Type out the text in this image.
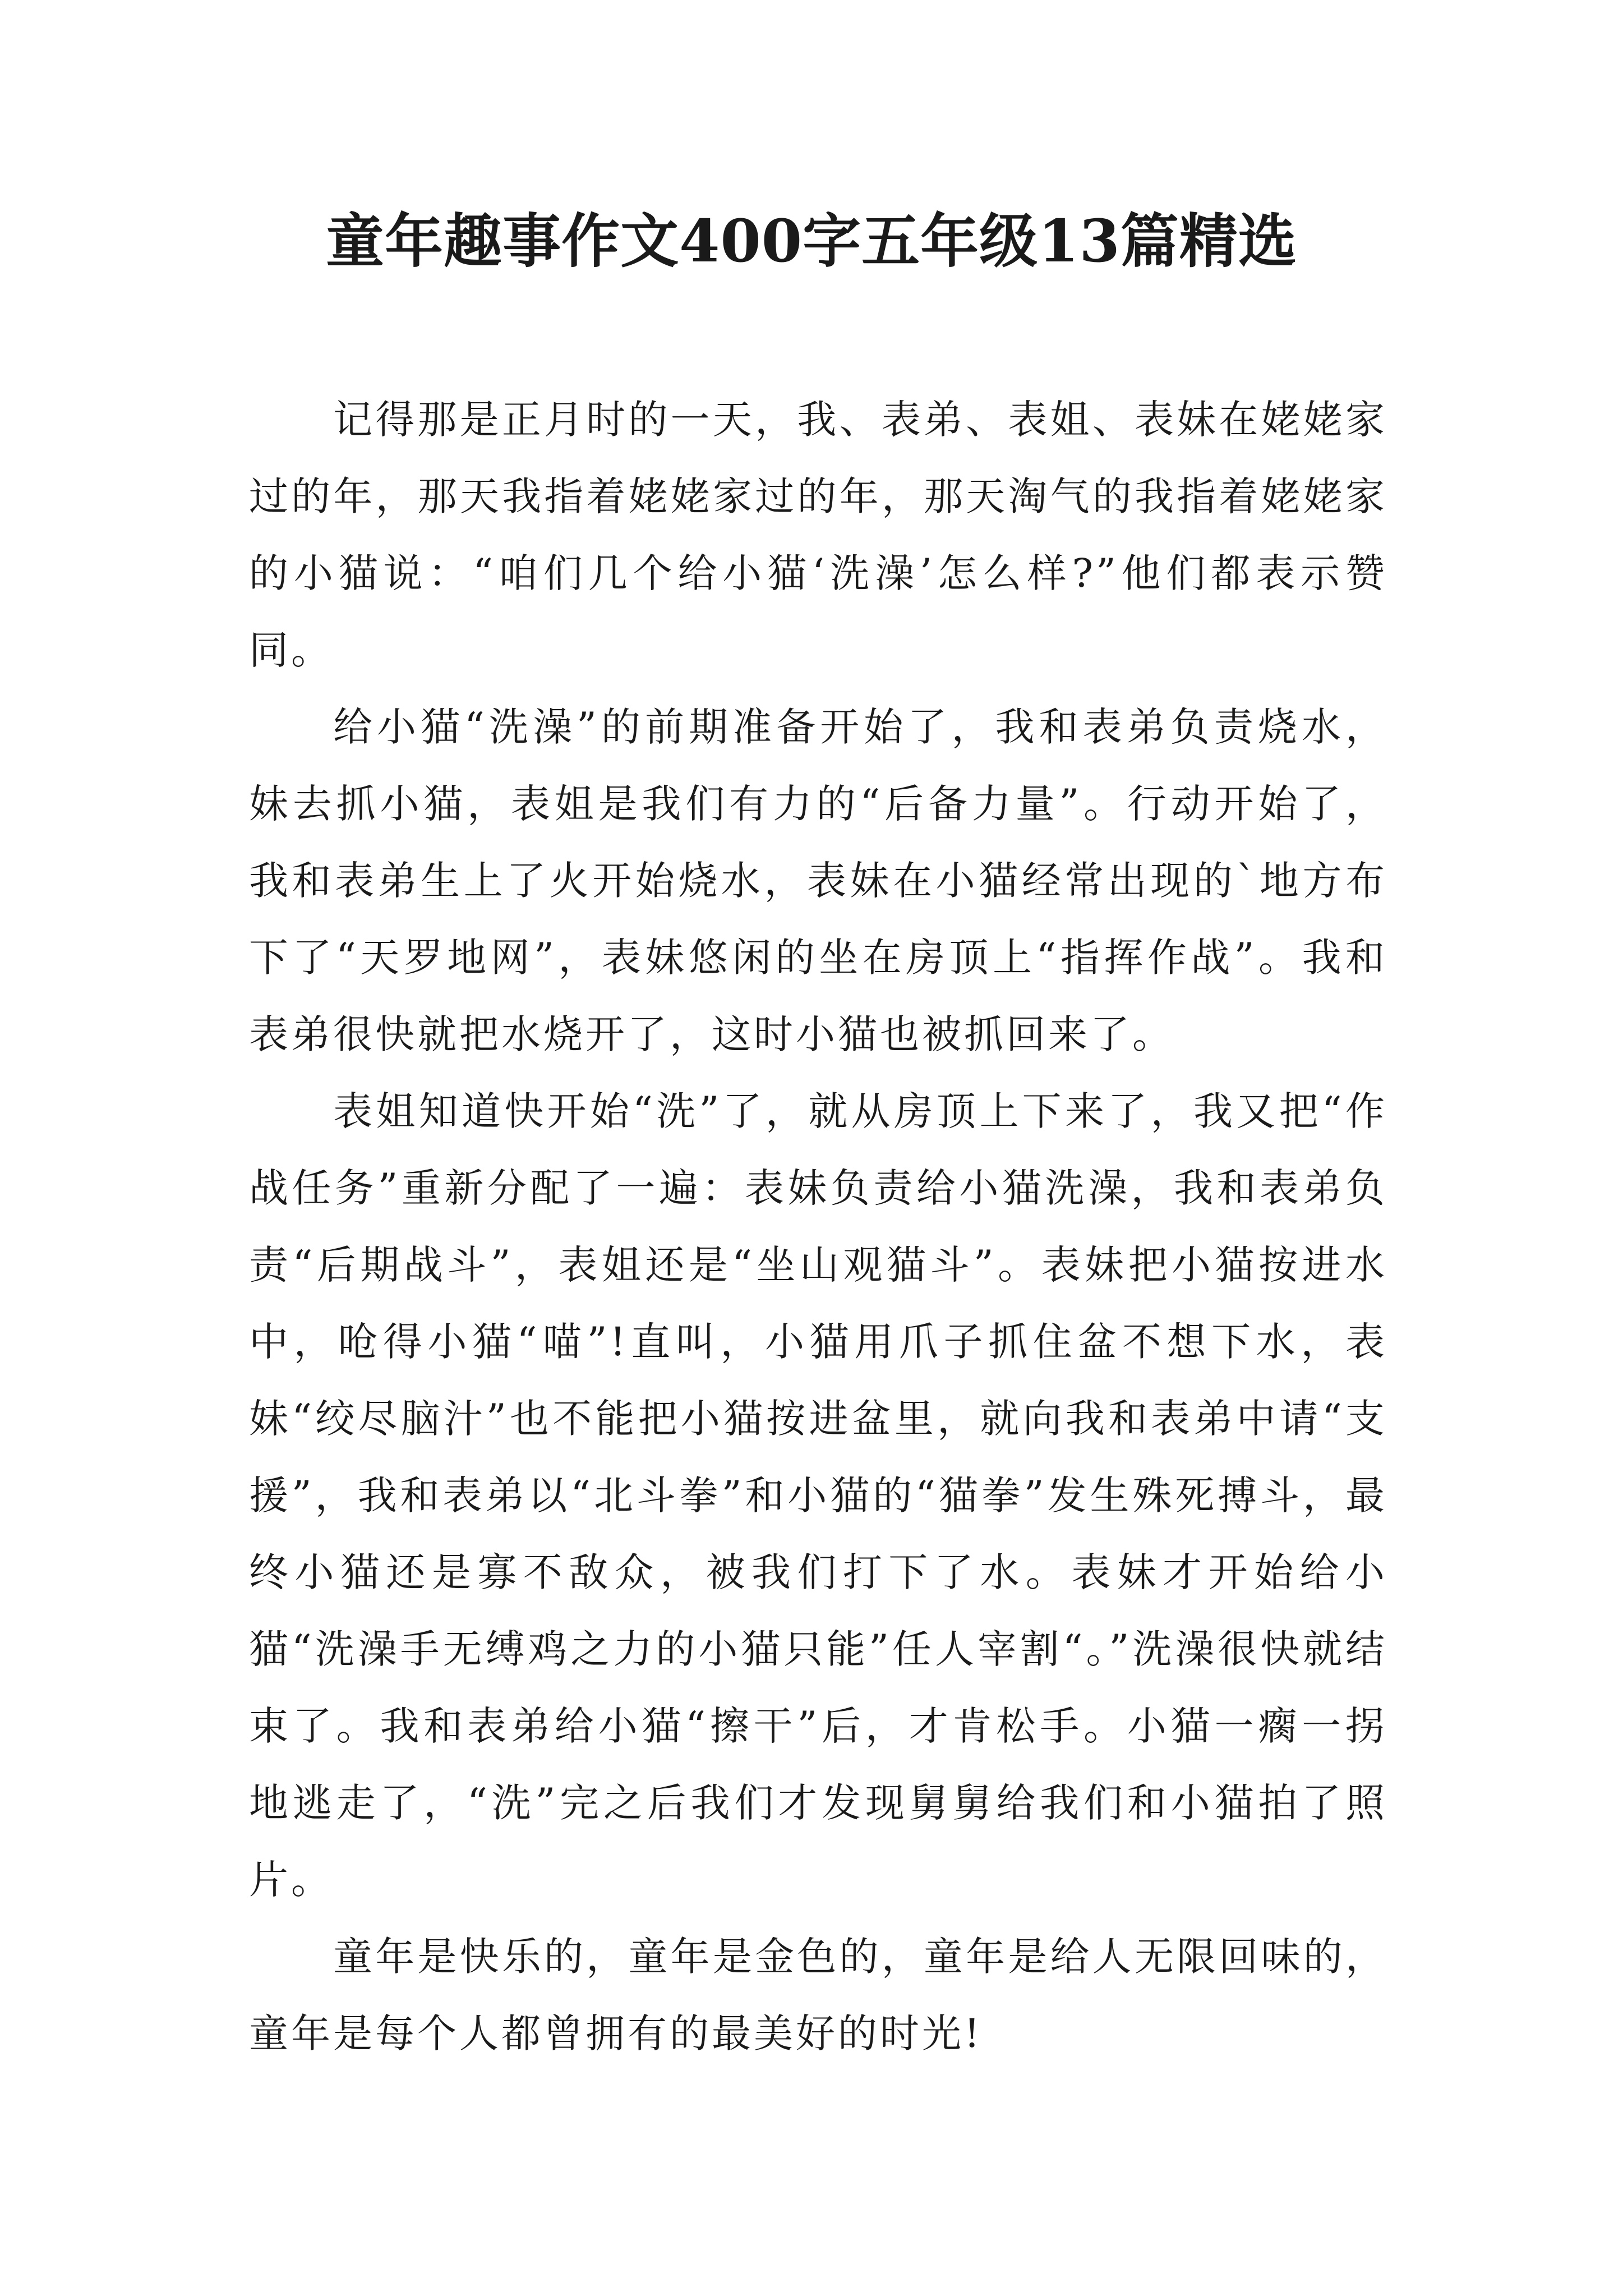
童年趣事作文400字五年级13篇精选

记得那是正月时的一天，我、表弟、表姐、表妹在姥姥家过的年，那天我指着姥姥家过的年，那天淘气的我指着姥姥家的小猫说：“咱们几个给小猫‘洗澡’怎么样?”他们都表示赞同。

给小猫“洗澡”的前期准备开始了，我和表弟负责烧水，妹去抓小猫，表姐是我们有力的“后备力量”。行动开始了，我和表弟生上了火开始烧水，表妹在小猫经常出现的`地方布下了“天罗地网”，表妹悠闲的坐在房顶上“指挥作战”。我和表弟很快就把水烧开了，这时小猫也被抓回来了。

表姐知道快开始“洗”了，就从房顶上下来了，我又把“作战任务”重新分配了一遍：表妹负责给小猫洗澡，我和表弟负责“后期战斗”，表姐还是“坐山观猫斗”。表妹把小猫按进水中，呛得小猫“喵”!直叫，小猫用爪子抓住盆不想下水，表妹“绞尽脑汁”也不能把小猫按进盆里，就向我和表弟中请“支援”，我和表弟以“北斗拳”和小猫的“猫拳”发生殊死搏斗，最终小猫还是寡不敌众，被我们打下了水。表妹才开始给小猫“洗澡手无缚鸡之力的小猫只能”任人宰割“。”洗澡很快就结束了。我和表弟给小猫“擦干”后，才肯松手。小猫一瘸一拐地逃走了，“洗”完之后我们才发现舅舅给我们和小猫拍了照片。

童年是快乐的，童年是金色的，童年是给人无限回味的，童年是每个人都曾拥有的最美好的时光!
